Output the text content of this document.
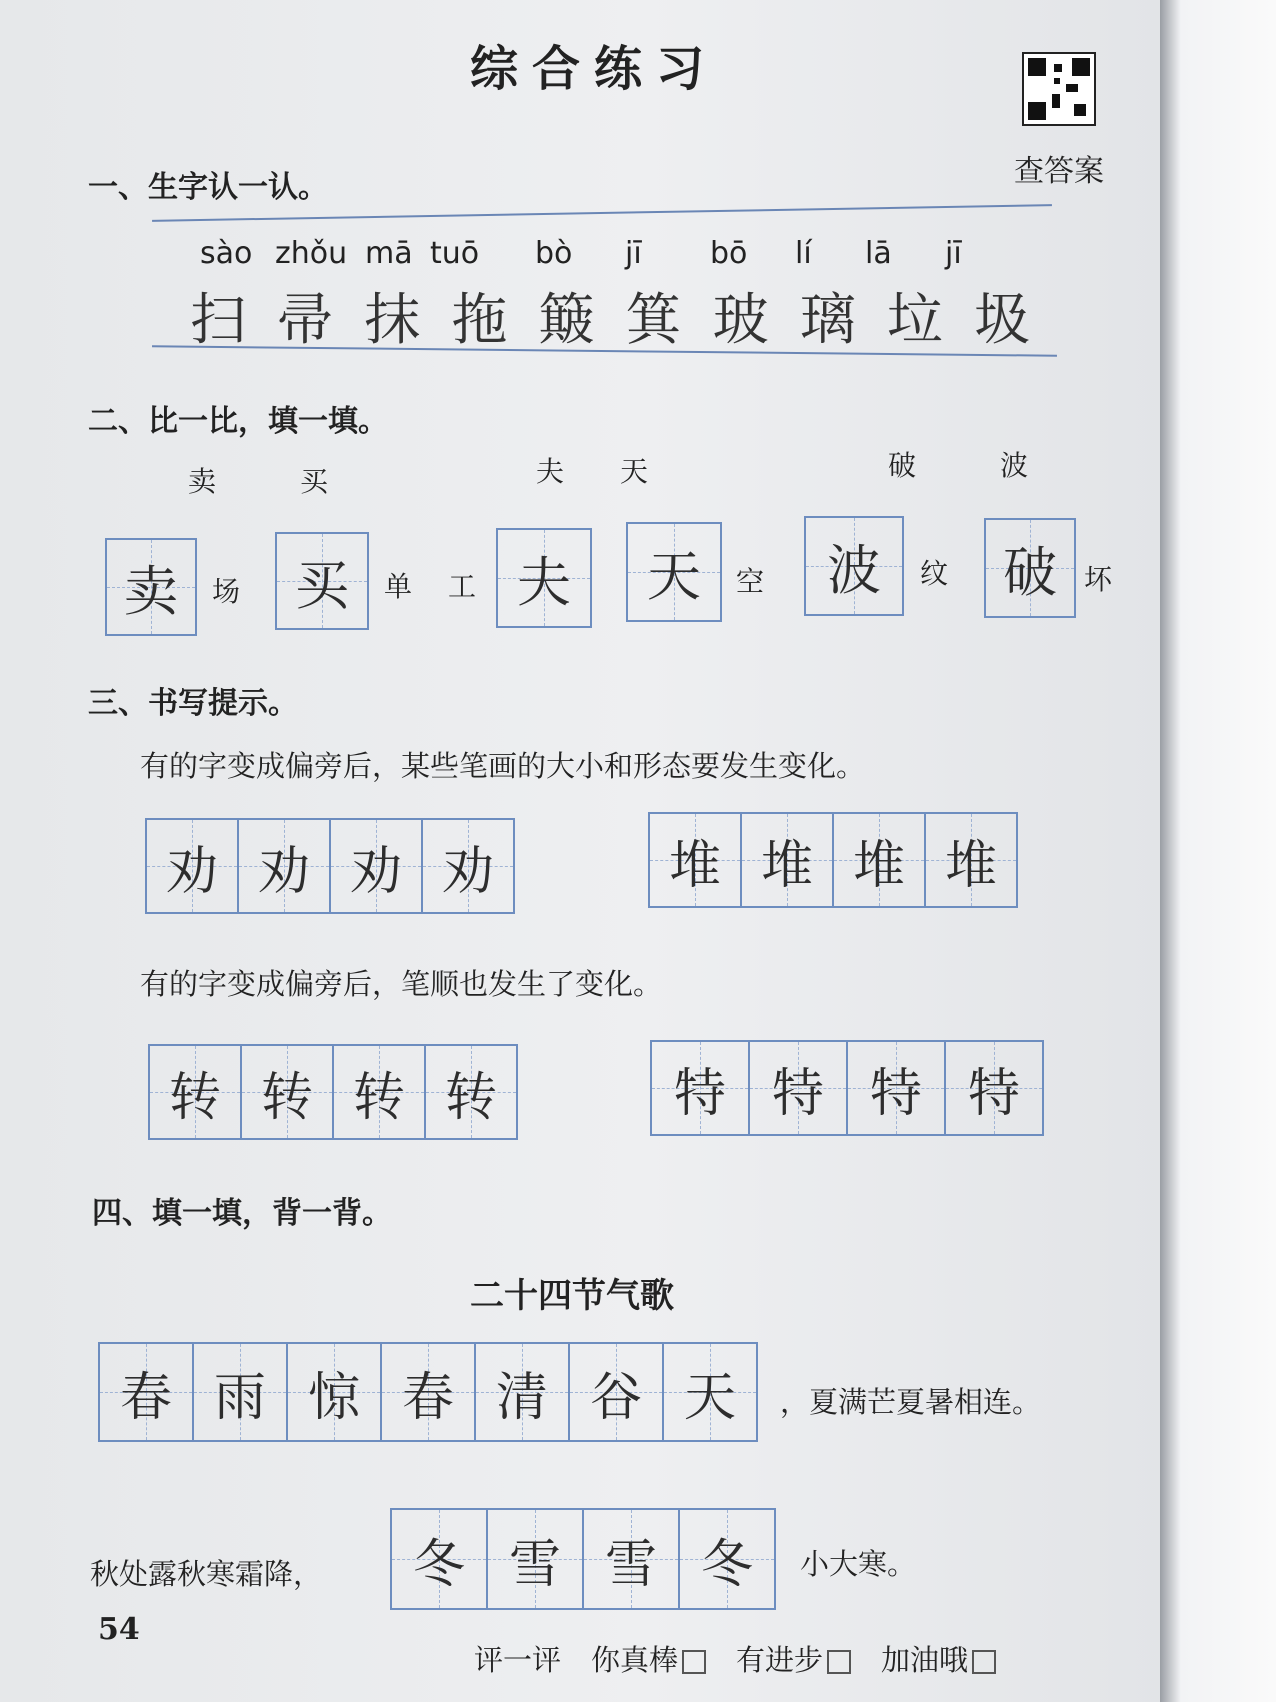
综合练习
查答案
一、生字认一认。
sào zhǒu mā tuō	bò	jī	bō	lí	lā	jī
扫 帚 抹 拖 簸 箕 玻 璃 垃 圾
二、比一比，填一填。
卖　　　买	夫　　天	破　　　波
卖 场 买 单 工 夫 天 空 波 纹 破 坏
三、书写提示。
有的字变成偏旁后，某些笔画的大小和形态要发生变化。
劝 劝 劝 劝	堆 堆 堆 堆
有的字变成偏旁后，笔顺也发生了变化。
转 转 转 转	特 特 特 特
四、填一填，背一背。
二十四节气歌
春 雨 惊 春 清 谷 天 ，夏满芒夏暑相连。
秋处露秋寒霜降， 冬 雪 雪 冬 小大寒。
54
评一评 你真棒	有进步	加油哦
